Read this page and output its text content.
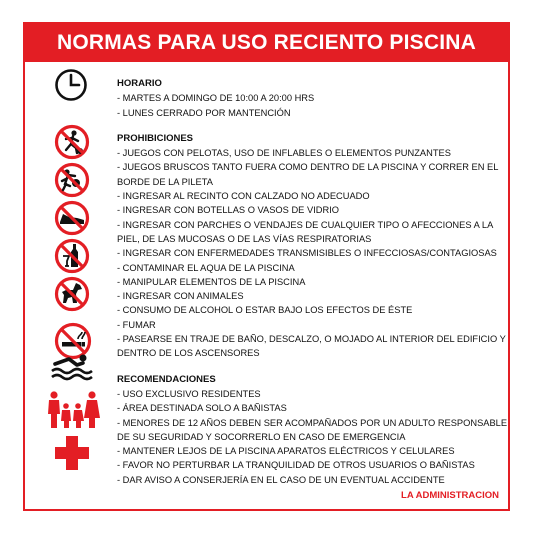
NORMAS PARA USO RECIENTO PISCINA
HORARIO
- MARTES A DOMINGO DE 10:00 A 20:00 HRS
- LUNES CERRADO POR MANTENCIÓN
PROHIBICIONES
- JUEGOS CON PELOTAS, USO DE INFLABLES O ELEMENTOS PUNZANTES
- JUEGOS BRUSCOS TANTO FUERA COMO DENTRO DE LA PISCINA Y CORRER EN EL BORDE DE LA PILETA
- INGRESAR AL RECINTO CON CALZADO NO ADECUADO
- INGRESAR CON BOTELLAS O VASOS DE VIDRIO
- INGRESAR CON PARCHES O VENDAJES DE CUALQUIER TIPO O AFECCIONES A LA PIEL, DE LAS MUCOSAS O DE LAS VÍAS RESPIRATORIAS
- INGRESAR CON ENFERMEDADES TRANSMISIBLES O INFECCIOSAS/CONTAGIOSAS
- CONTAMINAR EL AQUA DE LA PISCINA
- MANIPULAR ELEMENTOS DE LA PISCINA
- INGRESAR CON ANIMALES
- CONSUMO DE ALCOHOL O ESTAR BAJO LOS EFECTOS DE ÉSTE
- FUMAR
- PASEARSE EN TRAJE DE BAÑO, DESCALZO, O MOJADO AL INTERIOR DEL EDIFICIO Y DENTRO DE LOS ASCENSORES
RECOMENDACIONES
- USO EXCLUSIVO RESIDENTES
- ÁREA DESTINADA SOLO A BAÑISTAS
- MENORES DE 12 AÑOS DEBEN SER ACOMPAÑADOS POR UN ADULTO RESPONSABLE DE SU SEGURIDAD Y SOCORRERLO EN CASO DE EMERGENCIA
- MANTENER LEJOS DE LA PISCINA APARATOS ELÉCTRICOS Y CELULARES
- FAVOR NO PERTURBAR LA TRANQUILIDAD DE OTROS USUARIOS O BAÑISTAS
- DAR AVISO A CONSERJERÍA EN EL CASO DE UN EVENTUAL ACCIDENTE
LA ADMINISTRACION
